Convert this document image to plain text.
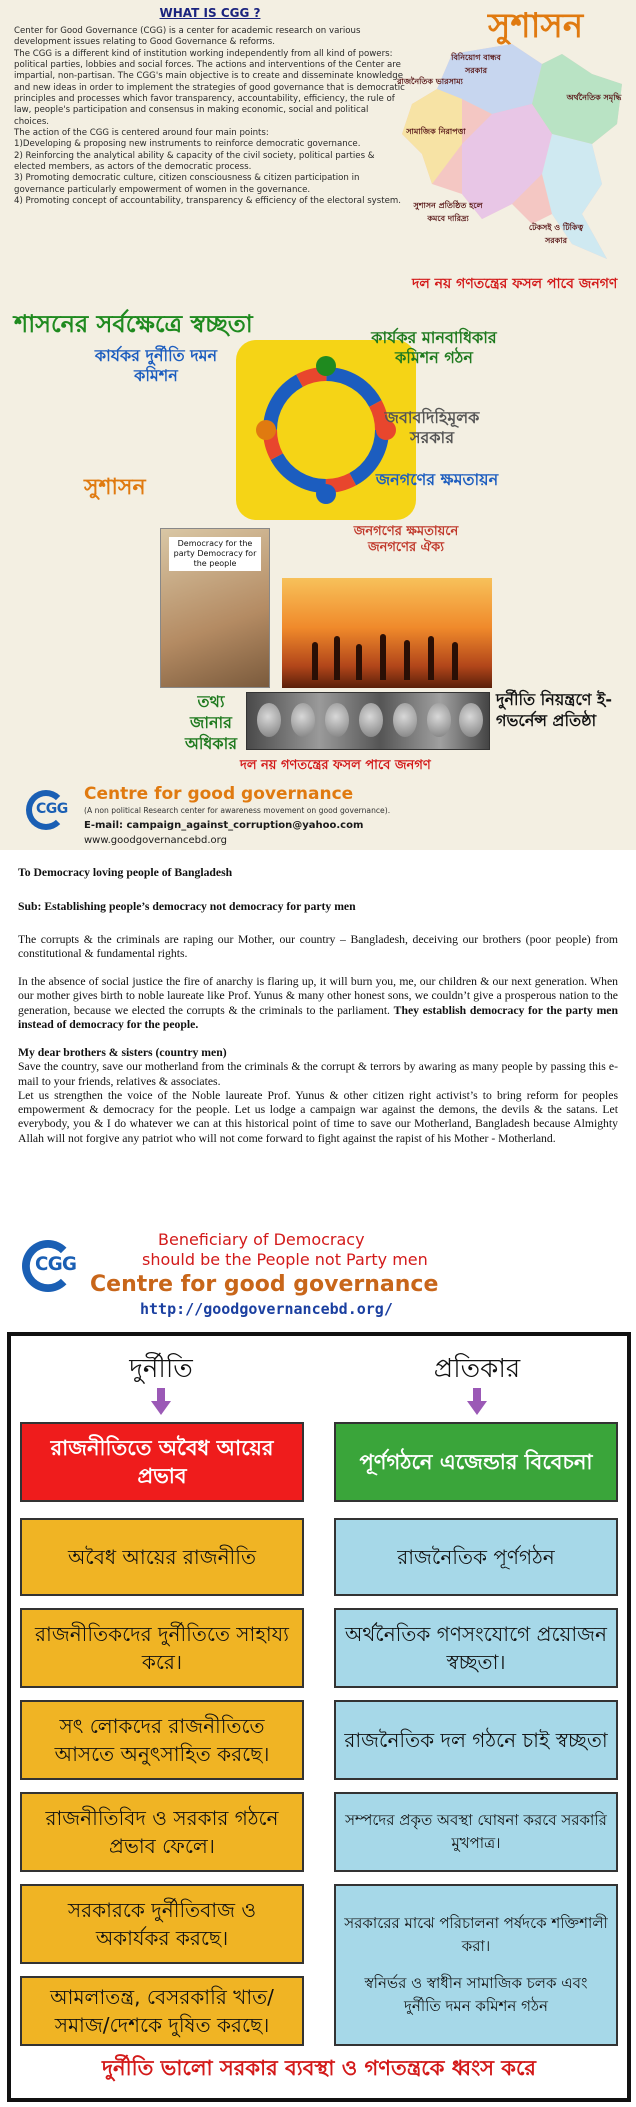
WHAT IS CGG ?

Center for Good Governance (CGG) is a center for academic research on various development issues relating to Good Governance & reforms.

The CGG is a different kind of institution working independently from all kind of powers: political parties, lobbies and social forces. The actions and interventions of the Center are impartial, non-partisan. The CGG's main objective is to create and disseminate knowledge and new ideas in order to implement the strategies of good governance that is democratic principles and processes which favor transparency, accountability, efficiency, the rule of law, people's participation and consensus in making economic, social and political choices.

The action of the CGG is centered around four main points:

1)Developing & proposing new instruments to reinforce democratic governance.

2) Reinforcing the analytical ability & capacity of the civil society, political parties & elected members, as actors of the democratic process.

3) Promoting democratic culture, citizen consciousness & citizen participation in governance particularly empowerment of women in the governance.

4) Promoting concept of accountability, transparency & efficiency of the electoral system.

সুশাসন
বিনিয়োগ বান্ধব সরকার
অর্থনৈতিক সমৃদ্ধি
রাজনৈতিক ভারসাম্য
সামাজিক নিরাপত্তা
সুশাসন প্রতিষ্ঠিত হলে কমবে দারিদ্র্য
টেকসই ও টিকিত্ব সরকার
দল নয় গণতন্ত্রের ফসল পাবে জনগণ
শাসনের সর্বক্ষেত্রে স্বচ্ছতা
কার্যকর দুর্নীতি দমন কমিশন
কার্যকর মানবাধিকার কমিশন গঠন
জবাবদিহিমূলক সরকার
সুশাসন	জনগণের ক্ষমতায়ন
জনগণের ক্ষমতায়নে জনগণের ঐক্য
Democracy for the party Democracy for the people
তথ্য জানার অধিকার
দুর্নীতি নিয়ন্ত্রণে ই-গভর্নেন্স প্রতিষ্ঠা
দল নয় গণতন্ত্রের ফসল পাবে জনগণ
CGG
Centre for good governance
(A non political Research center for awareness movement on good governance).
E-mail: campaign_against_corruption@yahoo.com
www.goodgovernancebd.org
To Democracy loving people of Bangladesh
Sub: Establishing people’s democracy not democracy for party men

The corrupts & the criminals are raping our Mother, our country – Bangladesh, deceiving our brothers (poor people) from constitutional & fundamental rights.

In the absence of social justice the fire of anarchy is flaring up, it will burn you, me, our children & our next generation. When our mother gives birth to noble laureate like Prof. Yunus & many other honest sons, we couldn’t give a prosperous nation to the generation, because we elected the corrupts & the criminals to the parliament. They establish democracy for the party men instead of democracy for the people.

My dear brothers & sisters (country men)

Save the country, save our motherland from the criminals & the corrupt & terrors by awaring as many people by passing this e-mail to your friends, relatives & associates.

Let us strengthen the voice of the Noble laureate Prof. Yunus & other citizen right activist’s to bring reform for peoples empowerment & democracy for the people. Let us lodge a campaign war against the demons, the devils & the satans. Let everybody, you & I do whatever we can at this historical point of time to save our Motherland, Bangladesh because Almighty Allah will not forgive any patriot who will not come forward to fight against the rapist of his Mother - Motherland.

CGG
Beneficiary of Democracy
should be the People not Party men
Centre for good governance
http://goodgovernancebd.org/
দুর্নীতি	প্রতিকার
রাজনীতিতে অবৈধ আয়ের প্রভাব
পূর্ণগঠনে এজেন্ডার বিবেচনা
অবৈধ আয়ের রাজনীতি
রাজনীতিকদের দুর্নীতিতে সাহায্য করে।
সৎ লোকদের রাজনীতিতে আসতে অনুৎসাহিত করছে।
রাজনীতিবিদ ও সরকার গঠনে প্রভাব ফেলে।
সরকারকে দুর্নীতিবাজ ও অকার্যকর করছে।
আমলাতন্ত্র, বেসরকারি খাত/ সমাজ/দেশকে দুষিত করছে।
রাজনৈতিক পূর্ণগঠন
অর্থনৈতিক গণসংযোগে প্রয়োজন স্বচ্ছতা।
রাজনৈতিক দল গঠনে চাই স্বচ্ছতা
সম্পদের প্রকৃত অবস্থা ঘোষনা করবে সরকারি মুখপাত্র।
সরকারের মাঝে পরিচালনা পর্ষদকে শক্তিশালী করা।
স্বনির্ভর ও স্বাধীন সামাজিক চলক এবং দুর্নীতি দমন কমিশন গঠন
দুর্নীতি ভালো সরকার ব্যবস্থা ও গণতন্ত্রকে ধ্বংস করে
